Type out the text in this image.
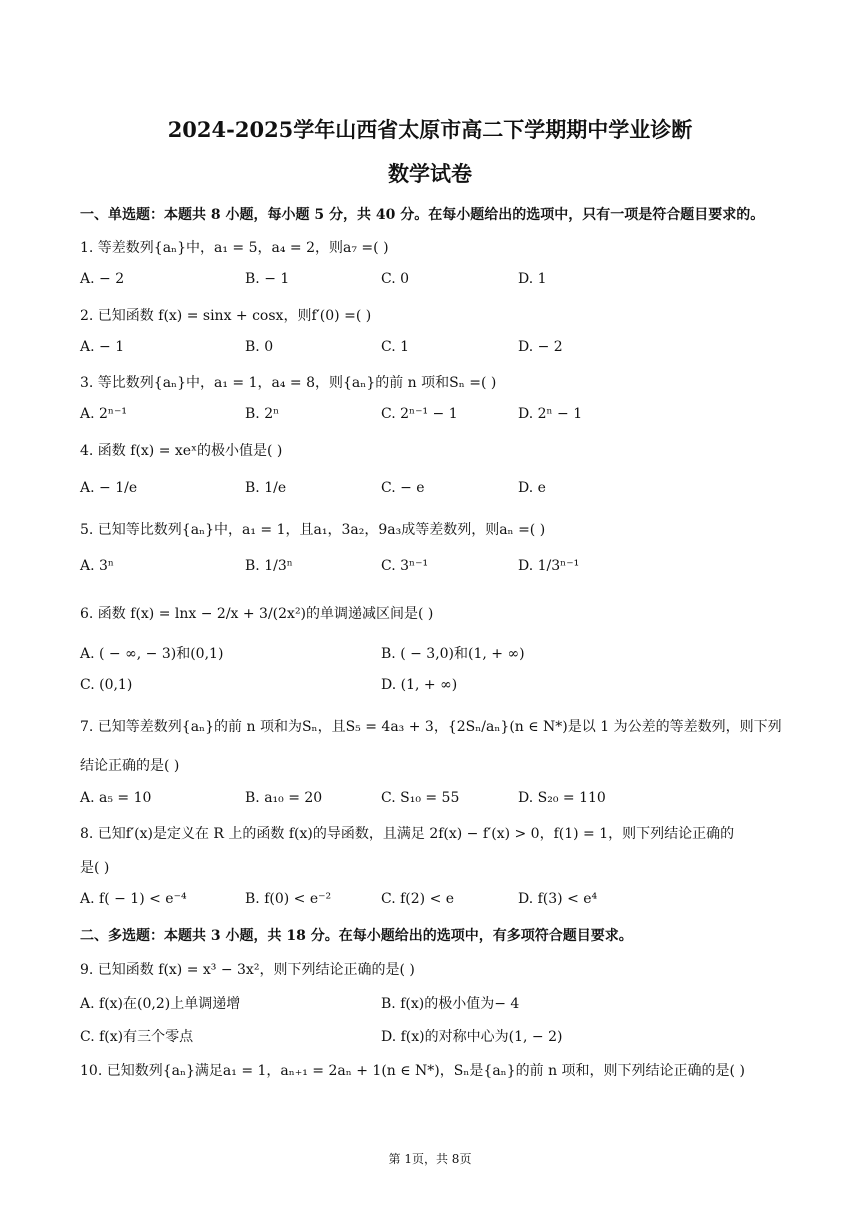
2024-2025学年山西省太原市高二下学期期中学业诊断
数学试卷
一、单选题：本题共 8 小题，每小题 5 分，共 40 分。在每小题给出的选项中，只有一项是符合题目要求的。
1. 等差数列{aₙ}中，a₁ = 5，a₄ = 2，则a₇ =( )
A. − 2	B. − 1	C. 0	D. 1
2. 已知函数 f(x) = sinx + cosx，则f′(0) =( )
A. − 1	B. 0	C. 1	D. − 2
3. 等比数列{aₙ}中，a₁ = 1，a₄ = 8，则{aₙ}的前 n 项和Sₙ =( )
A. 2ⁿ⁻¹	B. 2ⁿ	C. 2ⁿ⁻¹ − 1	D. 2ⁿ − 1
4. 函数 f(x) = xeˣ的极小值是( )
A. − 1/e	B. 1/e	C. − e	D. e
5. 已知等比数列{aₙ}中，a₁ = 1，且a₁，3a₂，9a₃成等差数列，则aₙ =( )
A. 3ⁿ	B. 1/3ⁿ	C. 3ⁿ⁻¹	D. 1/3ⁿ⁻¹
6. 函数 f(x) = lnx − 2/x + 3/(2x²)的单调递减区间是( )
A. ( − ∞, − 3)和(0,1)	B. ( − 3,0)和(1, + ∞)
C. (0,1)	D. (1, + ∞)
7. 已知等差数列{aₙ}的前 n 项和为Sₙ，且S₅ = 4a₃ + 3，{2Sₙ/aₙ}(n ∈ N*)是以 1 为公差的等差数列，则下列
结论正确的是( )
A. a₅ = 10	B. a₁₀ = 20	C. S₁₀ = 55	D. S₂₀ = 110
8. 已知f′(x)是定义在 R 上的函数 f(x)的导函数，且满足 2f(x) − f′(x) > 0，f(1) = 1，则下列结论正确的
是( )
A. f( − 1) < e⁻⁴	B. f(0) < e⁻²	C. f(2) < e	D. f(3) < e⁴
二、多选题：本题共 3 小题，共 18 分。在每小题给出的选项中，有多项符合题目要求。
9. 已知函数 f(x) = x³ − 3x²，则下列结论正确的是( )
A. f(x)在(0,2)上单调递增	B. f(x)的极小值为− 4
C. f(x)有三个零点	D. f(x)的对称中心为(1, − 2)
10. 已知数列{aₙ}满足a₁ = 1，aₙ₊₁ = 2aₙ + 1(n ∈ N*)，Sₙ是{aₙ}的前 n 项和，则下列结论正确的是( )
第 1页，共 8页
